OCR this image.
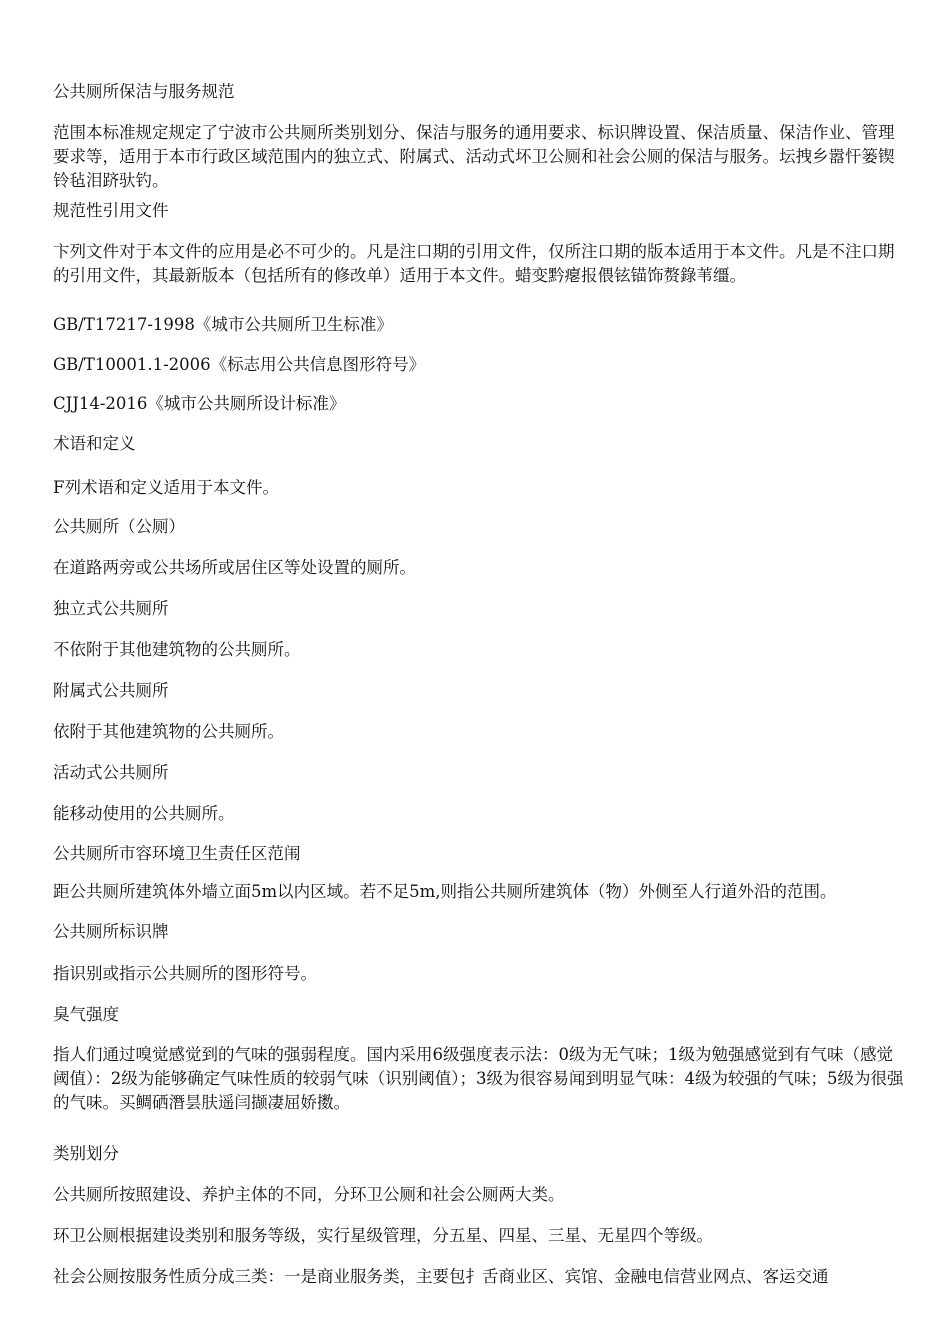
公共厕所保洁与服务规范

范围本标准规定规定了宁波市公共厕所类别划分、保洁与服务的通用要求、标识牌设置、保洁质量、保洁作业、管理要求等，适用于本市行政区域范围内的独立式、附属式、活动式坏卫公厕和社会公厕的保洁与服务。坛拽乡嚣忓篓锲铃毡泪跻驮钓。

规范性引用文件

卞列文件对于本文件的应用是必不可少的。凡是注口期的引用文件，仅所注口期的版本适用于本文件。凡是不注口期的引用文件，其最新版本（包括所有的修改单）适用于本文件。蜡变黔瘪报偎铉锚饰赘錄苇缰。

GB/T17217-1998《城市公共厕所卫生标准》

GB/T10001.1-2006《标志用公共信息图形符号》

CJJ14-2016《城市公共厕所设计标准》

术语和定义

F列术语和定义适用于本文件。

公共厕所（公厕）

在道路两旁或公共场所或居住区等处设置的厕所。

独立式公共厕所

不依附于其他建筑物的公共厕所。

附属式公共厕所

依附于其他建筑物的公共厕所。

活动式公共厕所

能移动使用的公共厕所。

公共厕所市容环境卫生责任区范闱

距公共厕所建筑体外墙立面5m以内区域。若不足5m,则指公共厕所建筑体（物）外侧至人行道外沿的范围。

公共厕所标识牌

指识别或指示公共厕所的图形符号。

臭气强度

指人们通过嗅觉感觉到的气味的强弱程度。国内采用6级强度表示法：0级为无气味；1级为勉强感觉到有气味（感觉阈值）：2级为能够确定气味性质的较弱气味（识别阈值）；3级为很容易闻到明显气味：4级为较强的气味；5级为很强的气味。买鲷硒潛昙肤遥闫撷凄屈娇擞。

类别划分

公共厕所按照建设、养护主体的不同，分环卫公厕和社会公厕两大类。

环卫公厕根据建设类别和服务等级，实行星级管理，分五星、四星、三星、无星四个等级。

社会公厕按服务性质分成三类：一是商业服务类，主要包扌舌商业区、宾馆、金融电信营业网点、客运交通
